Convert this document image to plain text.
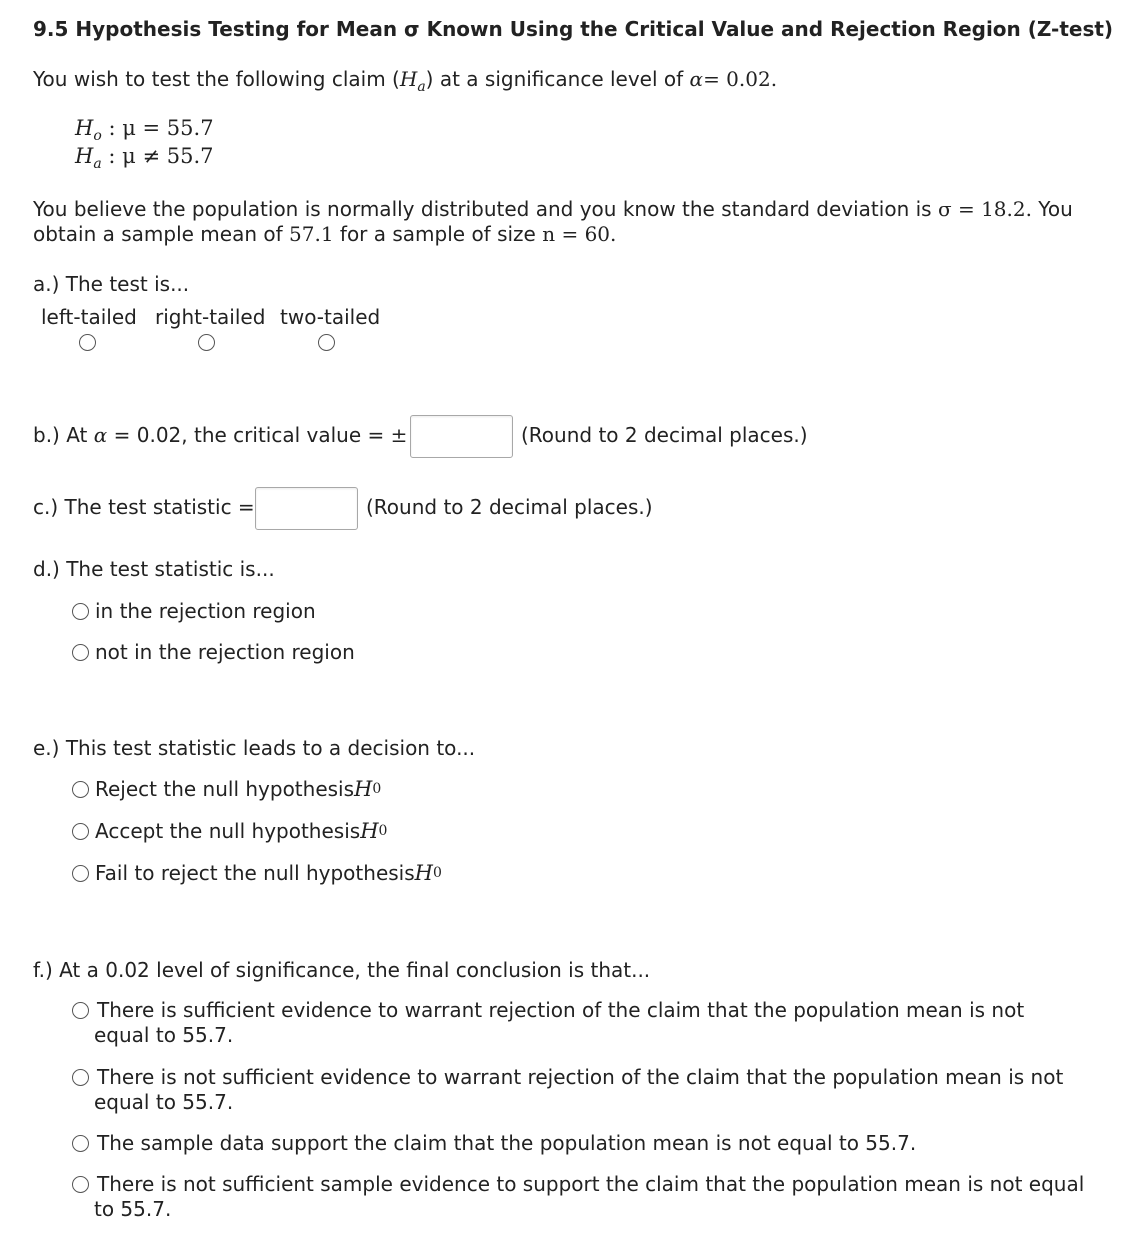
9.5 Hypothesis Testing for Mean σ Known Using the Critical Value and Rejection Region (Z-test)
You wish to test the following claim $(H_a)$ at a significance level of α= 0.02.
$H_o$ : μ = 55.7
$H_a$ : μ ≠ 55.7
You believe the population is normally distributed and you know the standard deviation is σ = 18.2. You
obtain a sample mean of 57.1 for a sample of size n = 60.
a.) The test is...
left-tailed right-tailed two-tailed
b.) At α = 0.02, the critical value = ±	(Round to 2 decimal places.)
c.) The test statistic =	(Round to 2 decimal places.)
d.) The test statistic is...
in the rejection region
not in the rejection region
e.) This test statistic leads to a decision to...
Reject the null hypothesis H 0
Accept the null hypothesis H 0
Fail to reject the null hypothesis H 0
f.) At a 0.02 level of significance, the final conclusion is that...
There is sufficient evidence to warrant rejection of the claim that the population mean is not equal to 55.7.
There is not sufficient evidence to warrant rejection of the claim that the population mean is not equal to 55.7.
The sample data support the claim that the population mean is not equal to 55.7.
There is not sufficient sample evidence to support the claim that the population mean is not equal to 55.7.
